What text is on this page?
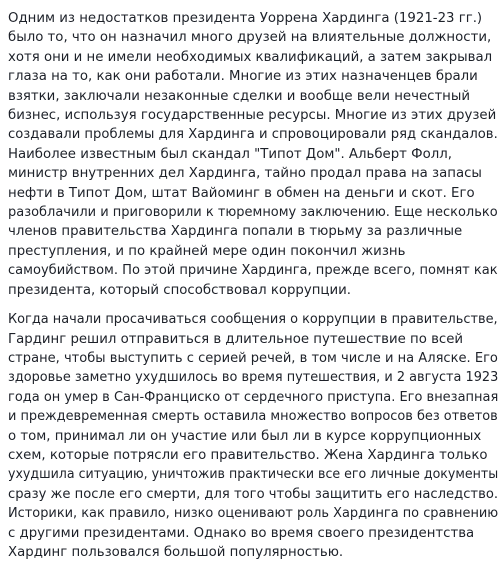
Одним из недостатков президента Уоррена Хардинга (1921-23 гг.)
было то, что он назначил много друзей на влиятельные должности,
хотя они и не имели необходимых квалификаций, а затем закрывал
глаза на то, как они работали. Многие из этих назначенцев брали
взятки, заключали незаконные сделки и вообще вели нечестный
бизнес, используя государственные ресурсы. Многие из этих друзей
создавали проблемы для Хардинга и спровоцировали ряд скандалов.
Наиболее известным был скандал "Типот Дом". Альберт Фолл,
министр внутренних дел Хардинга, тайно продал права на запасы
нефти в Типот Дом, штат Вайоминг в обмен на деньги и скот. Его
разоблачили и приговорили к тюремному заключению. Еще несколько
членов правительства Хардинга попали в тюрьму за различные
преступления, и по крайней мере один покончил жизнь
самоубийством. По этой причине Хардинга, прежде всего, помнят как
президента, который способствовал коррупции.

Когда начали просачиваться сообщения о коррупции в правительстве,
Гардинг решил отправиться в длительное путешествие по всей
стране, чтобы выступить с серией речей, в том числе и на Аляске. Его
здоровье заметно ухудшилось во время путешествия, и 2 августа 1923
года он умер в Сан-Франциско от сердечного приступа. Его внезапная
и преждевременная смерть оставила множество вопросов без ответов
о том, принимал ли он участие или был ли в курсе коррупционных
схем, которые потрясли его правительство. Жена Хардинга только
ухудшила ситуацию, уничтожив практически все его личные документы
сразу же после его смерти, для того чтобы защитить его наследство.
Историки, как правило, низко оценивают роль Хардинга по сравнению
с другими президентами. Однако во время своего президентства
Хардинг пользовался большой популярностью.
